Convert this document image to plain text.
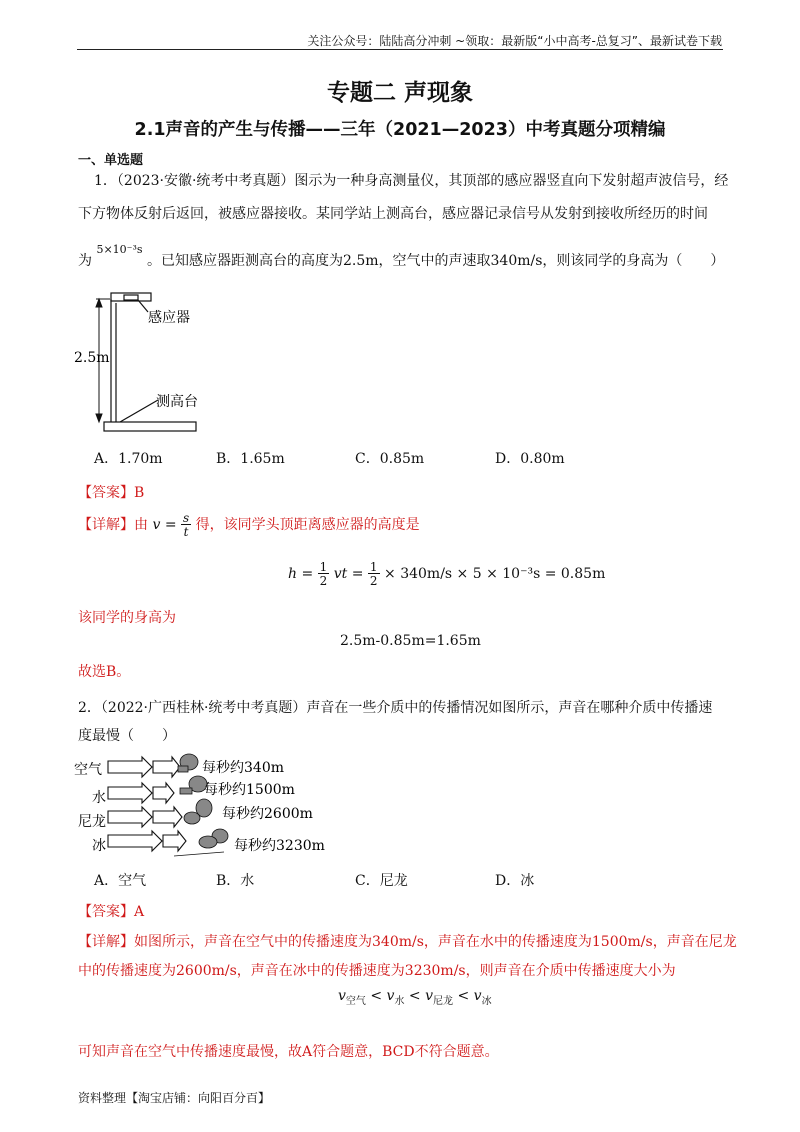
关注公众号：陆陆高分冲刺 ~领取：最新版“小中高考-总复习”、最新试卷下载
专题二 声现象
2.1声音的产生与传播——三年（2021—2023）中考真题分项精编
一、单选题
1．（2023·安徽·统考中考真题）图示为一种身高测量仪，其顶部的感应器竖直向下发射超声波信号，经
下方物体反射后返回，被感应器接收。某同学站上测高台，感应器记录信号从发射到接收所经历的时间
为 $^{5\times 10^{-3}s}$ 。已知感应器距测高台的高度为2.5m，空气中的声速取340m/s，则该同学的身高为（　　）
感应器
2.5m
测高台
A．1.70m	B．1.65m	C．0.85m	D．0.80m
【答案】B
【详解】由 $v = \frac{s}{t}$ 得，该同学头顶距离感应器的高度是
$h = \frac{1}{2}$ vt = $\frac{1}{2} \times 340m/s \times 5 \times 10^{-3}s = 0.85m$
该同学的身高为
2.5m-0.85m=1.65m
故选B。
2．（2022·广西桂林·统考中考真题）声音在一些介质中的传播情况如图所示，声音在哪种介质中传播速
度最慢（　　）
空气	每秒约340m
水	每秒约1500m
尼龙	每秒约2600m
冰	每秒约3230m
A．空气	B．水	C．尼龙	D．冰
【答案】A
【详解】如图所示，声音在空气中的传播速度为340m/s，声音在水中的传播速度为1500m/s，声音在尼龙
中的传播速度为2600m/s，声音在冰中的传播速度为3230m/s，则声音在介质中传播速度大小为
$v_{空气} < v_水 < v_{尼龙} < v_冰$
可知声音在空气中传播速度最慢，故A符合题意，BCD不符合题意。
资料整理【淘宝店铺：向阳百分百】
